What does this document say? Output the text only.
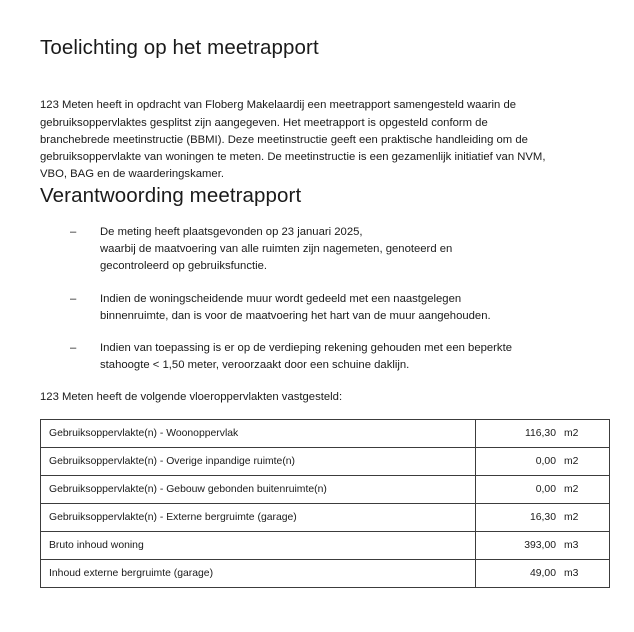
Toelichting op het meetrapport

123 Meten heeft in opdracht van Floberg Makelaardij een meetrapport samengesteld waarin de gebruiksoppervlaktes gesplitst zijn aangegeven. Het meetrapport is opgesteld conform de branchebrede meetinstructie (BBMI). Deze meetinstructie geeft een praktische handleiding om de gebruiksoppervlakte van woningen te meten. De meetinstructie is een gezamenlijk initiatief van NVM, VBO, BAG en de waarderingskamer.

Verantwoording meetrapport
– De meting heeft plaatsgevonden op 23 januari 2025,
waarbij de maatvoering van alle ruimten zijn nagemeten, genoteerd en
gecontroleerd op gebruiksfunctie.
– Indien de woningscheidende muur wordt gedeeld met een naastgelegen
binnenruimte, dan is voor de maatvoering het hart van de muur aangehouden.
– Indien van toepassing is er op de verdieping rekening gehouden met een beperkte
stahoogte < 1,50 meter, veroorzaakt door een schuine daklijn.

123 Meten heeft de volgende vloeroppervlakten vastgesteld:

Gebruiksoppervlakte(n) - Woonoppervlak	116,30	m2
Gebruiksoppervlakte(n) - Overige inpandige ruimte(n)	0,00	m2
Gebruiksoppervlakte(n) - Gebouw gebonden buitenruimte(n)	0,00	m2
Gebruiksoppervlakte(n) - Externe bergruimte (garage)	16,30	m2
Bruto inhoud woning	393,00	m3
Inhoud externe bergruimte (garage)	49,00	m3
